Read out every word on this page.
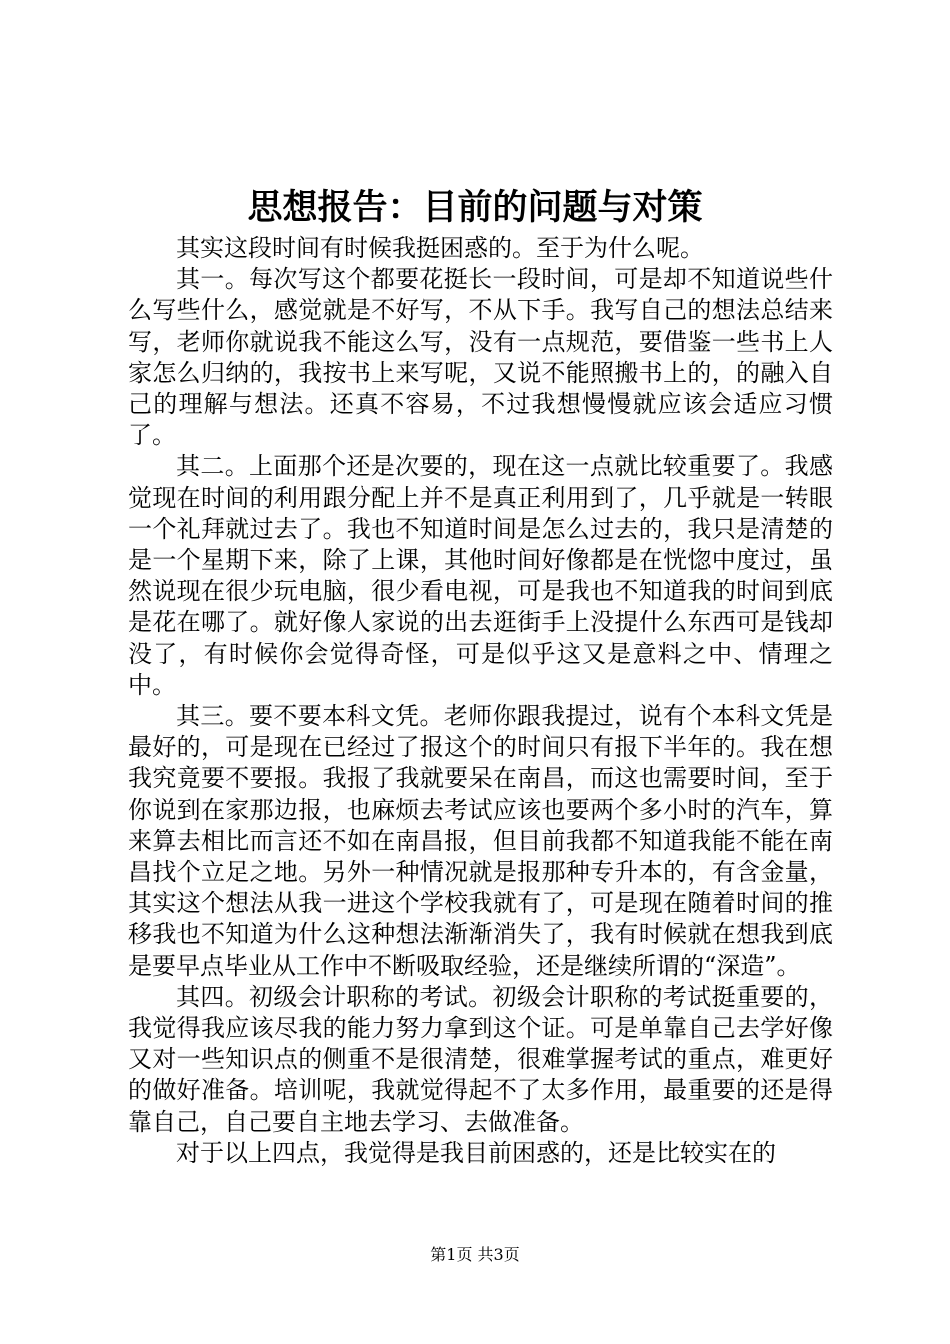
思想报告：目前的问题与对策

其实这段时间有时候我挺困惑的。至于为什么呢。

其一。每次写这个都要花挺长一段时间，可是却不知道说些什么写些什么，感觉就是不好写，不从下手。我写自己的想法总结来写，老师你就说我不能这么写，没有一点规范，要借鉴一些书上人家怎么归纳的，我按书上来写呢，又说不能照搬书上的，的融入自己的理解与想法。还真不容易，不过我想慢慢就应该会适应习惯了。

其二。上面那个还是次要的，现在这一点就比较重要了。我感觉现在时间的利用跟分配上并不是真正利用到了，几乎就是一转眼一个礼拜就过去了。我也不知道时间是怎么过去的，我只是清楚的是一个星期下来，除了上课，其他时间好像都是在恍惚中度过，虽然说现在很少玩电脑，很少看电视，可是我也不知道我的时间到底是花在哪了。就好像人家说的出去逛街手上没提什么东西可是钱却没了，有时候你会觉得奇怪，可是似乎这又是意料之中、情理之中。

其三。要不要本科文凭。老师你跟我提过，说有个本科文凭是最好的，可是现在已经过了报这个的时间只有报下半年的。我在想我究竟要不要报。我报了我就要呆在南昌，而这也需要时间，至于你说到在家那边报，也麻烦去考试应该也要两个多小时的汽车，算来算去相比而言还不如在南昌报，但目前我都不知道我能不能在南昌找个立足之地。另外一种情况就是报那种专升本的，有含金量，其实这个想法从我一进这个学校我就有了，可是现在随着时间的推移我也不知道为什么这种想法渐渐消失了，我有时候就在想我到底是要早点毕业从工作中不断吸取经验，还是继续所谓的“深造”。

其四。初级会计职称的考试。初级会计职称的考试挺重要的，我觉得我应该尽我的能力努力拿到这个证。可是单靠自己去学好像又对一些知识点的侧重不是很清楚，很难掌握考试的重点，难更好的做好准备。培训呢，我就觉得起不了太多作用，最重要的还是得靠自己，自己要自主地去学习、去做准备。

对于以上四点，我觉得是我目前困惑的，还是比较实在的

第1页 共3页
